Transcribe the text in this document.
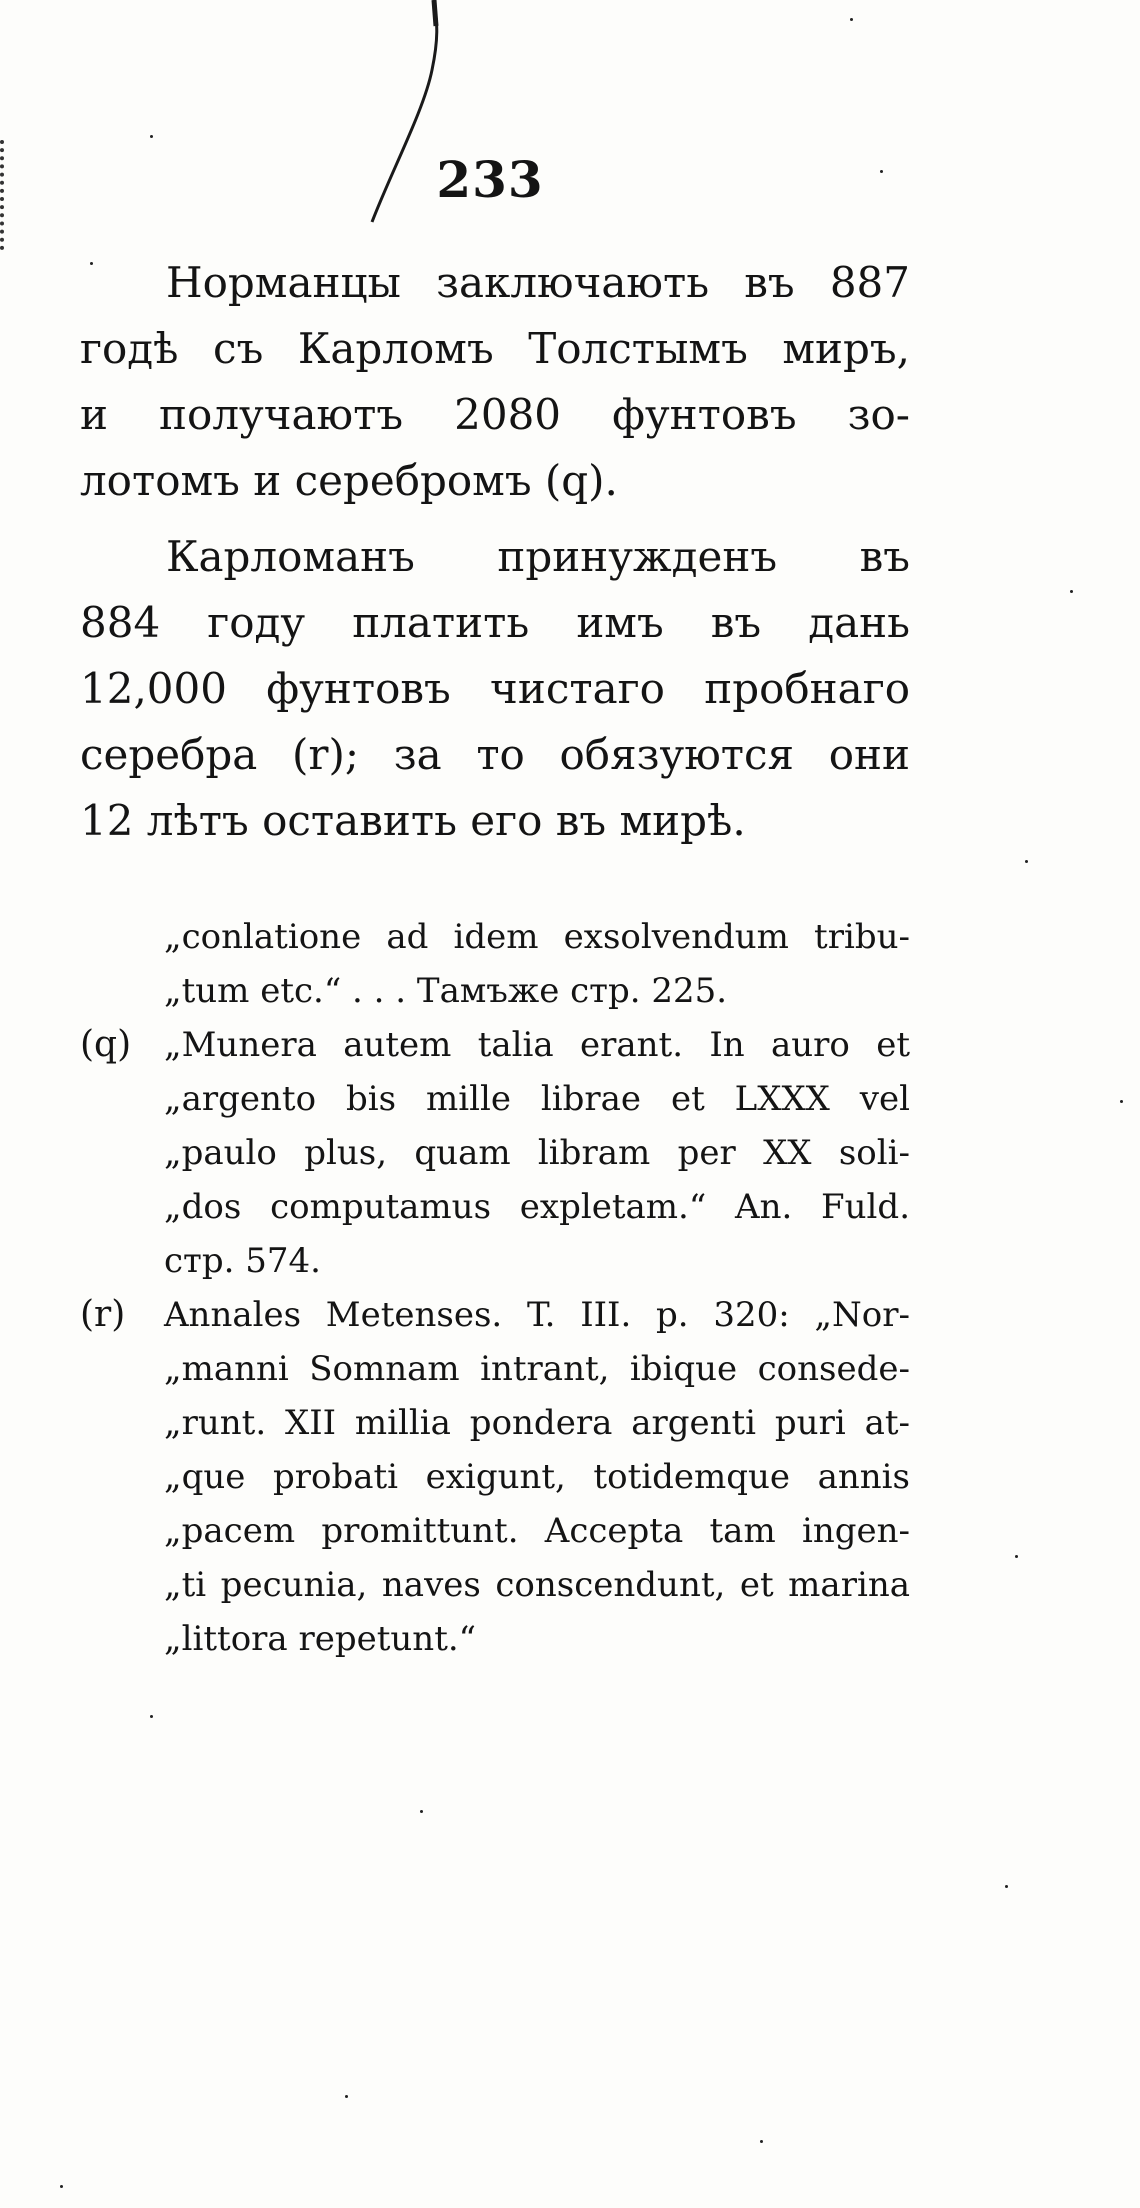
233
Норманцы заключають въ 887
годѣ съ Карломъ Толстымъ миръ,
и получаютъ 2080 фунтовъ зо-
лотомъ и серебромъ (q).
Карломанъ принужденъ въ
884 году платить имъ въ дань
12,000 фунтовъ чистаго пробнаго
серебра (r); за то обязуются они
12 лѣтъ оставить его въ мирѣ.
„conlatione ad idem exsolvendum tribu-
„tum etc.“ . . . Тамъже стр. 225.
(q) „Munera autem talia erant. In auro et
„argento bis mille librae et LXXX vel
„paulo plus, quam libram per XX soli-
„dos computamus expletam.“ An. Fuld.
стр. 574.
(r) Annales Metenses. T. III. p. 320: „Nor-
„manni Somnam intrant, ibique consede-
„runt. XII millia pondera argenti puri at-
„que probati exigunt, totidemque annis
„pacem promittunt. Accepta tam ingen-
„ti pecunia, naves conscendunt, et marina
„littora repetunt.“
